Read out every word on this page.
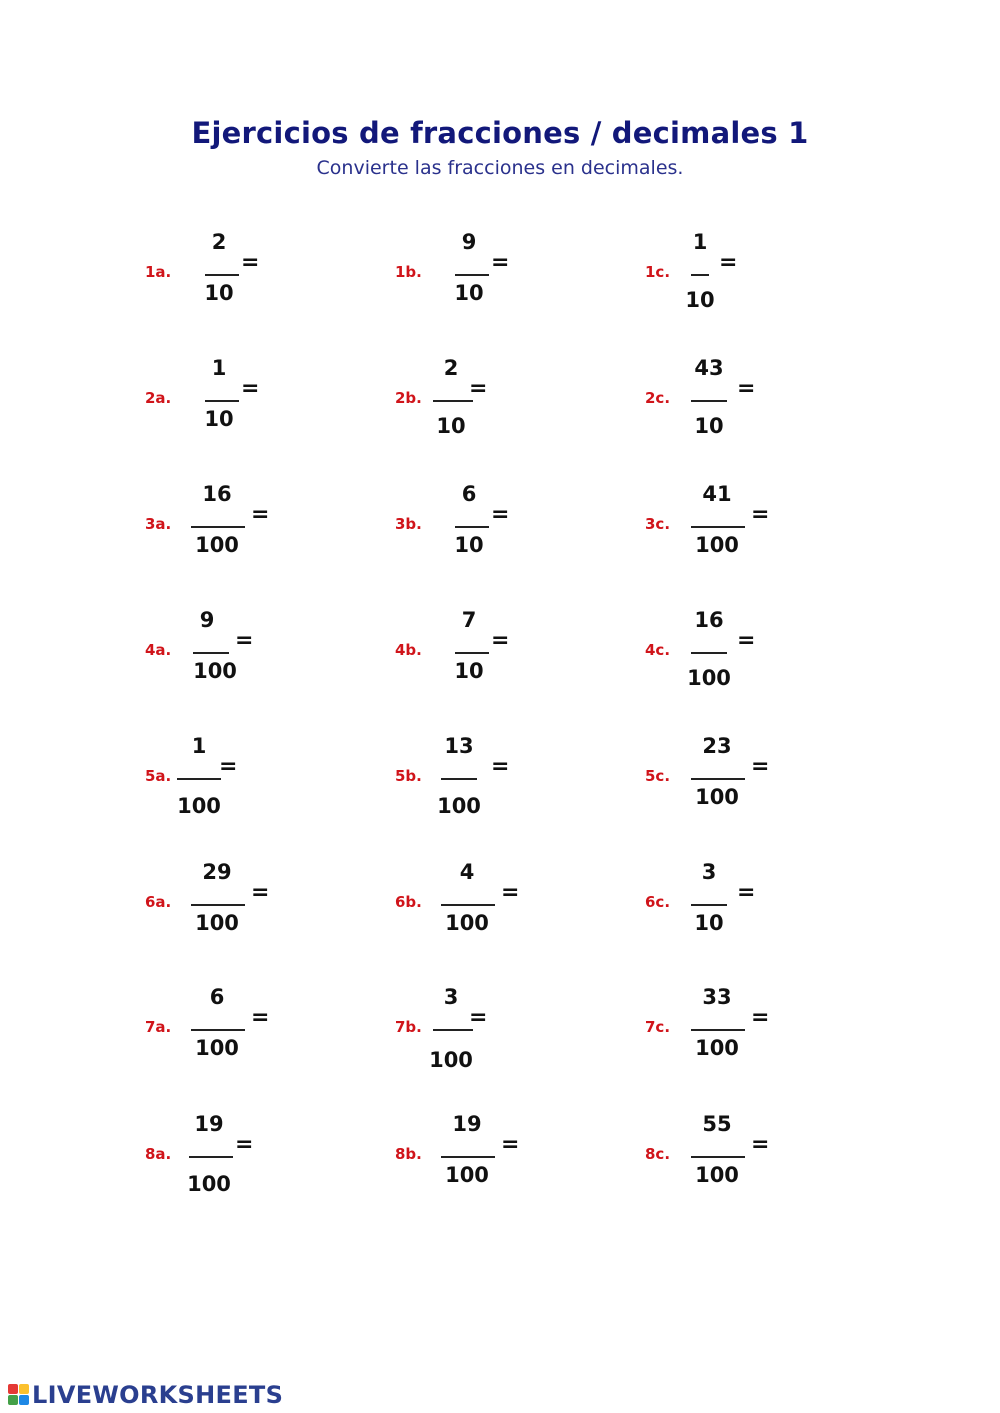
Ejercicios de fracciones / decimales 1

Convierte las fracciones en decimales.

1a.
2
10
=	1b.
9
10
=	1c.
1
10
=
2a.
1
10
=	2b.
2
10
=	2c.
43
10
=
3a.
16
100
=	3b.
6
10
=	3c.
41
100
=
4a.
9
100
=	4b.
7
10
=	4c.
16
100
=
5a.
1
100
=	5b.
13
100
=	5c.
23
100
=
6a.
29
100
=	6b.
4
100
=	6c.
3
10
=
7a.
6
100
=	7b.
3
100
=	7c.
33
100
=
8a.
19
100
=	8b.
19
100
=	8c.
55
100
=
LIVEWORKSHEETS
